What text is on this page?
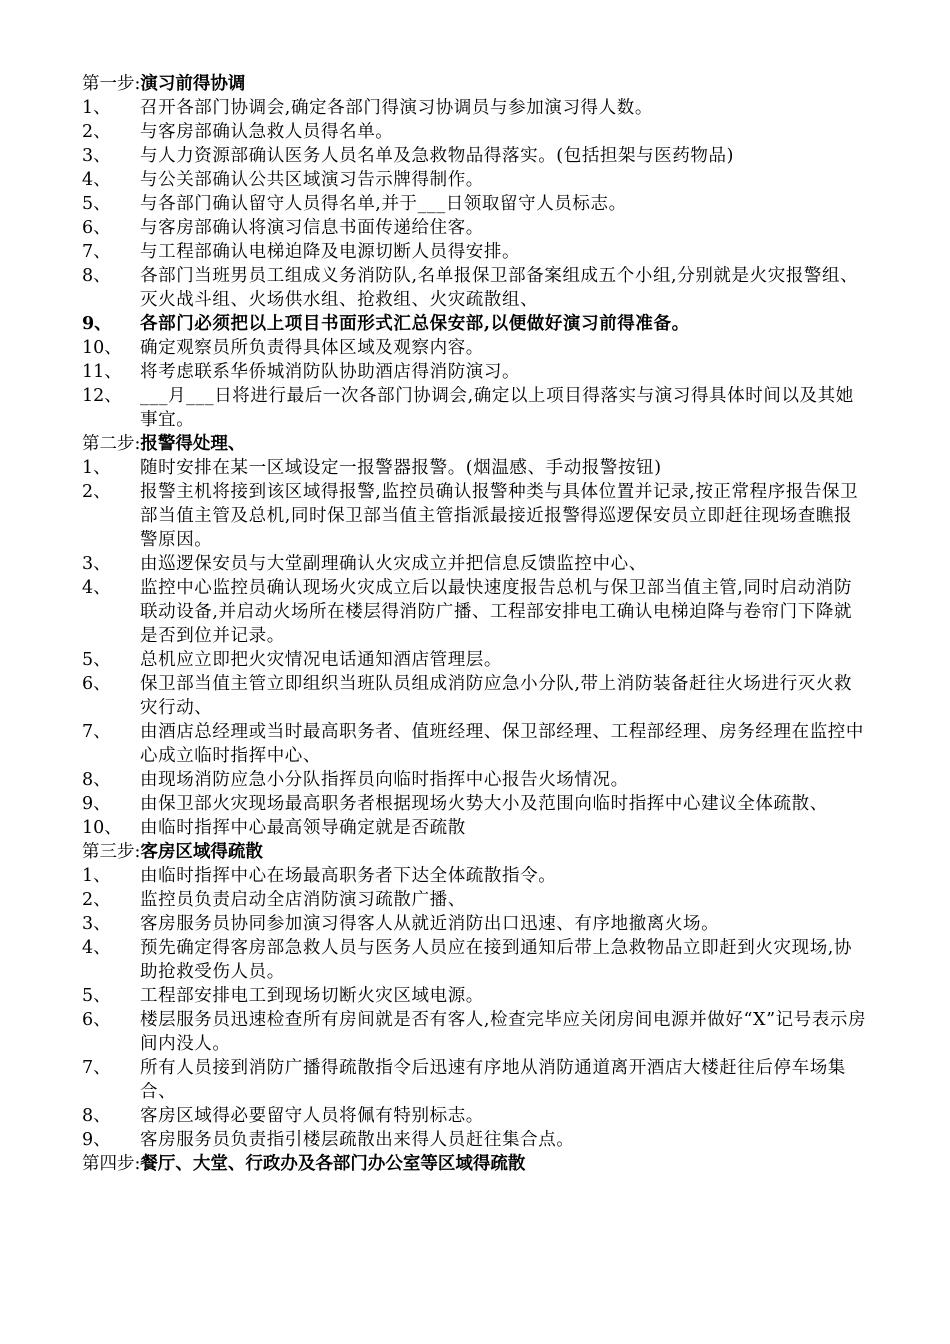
第一步:演习前得协调
1、	召开各部门协调会,确定各部门得演习协调员与参加演习得人数。
2、	与客房部确认急救人员得名单。
3、	与人力资源部确认医务人员名单及急救物品得落实。(包括担架与医药物品)
4、	与公关部确认公共区域演习告示牌得制作。
5、	与各部门确认留守人员得名单,并于___日领取留守人员标志。
6、	与客房部确认将演习信息书面传递给住客。
7、	与工程部确认电梯迫降及电源切断人员得安排。
8、	各部门当班男员工组成义务消防队,名单报保卫部备案组成五个小组,分别就是火灾报警组、灭火战斗组、火场供水组、抢救组、火灾疏散组、
9、	各部门必须把以上项目书面形式汇总保安部,以便做好演习前得准备。
10、	确定观察员所负责得具体区域及观察内容。
11、	将考虑联系华侨城消防队协助酒店得消防演习。
12、	___月___日将进行最后一次各部门协调会,确定以上项目得落实与演习得具体时间以及其她事宜。
第二步:报警得处理、
1、	随时安排在某一区域设定一报警器报警。(烟温感、手动报警按钮)
2、	报警主机将接到该区域得报警,监控员确认报警种类与具体位置并记录,按正常程序报告保卫部当值主管及总机,同时保卫部当值主管指派最接近报警得巡逻保安员立即赶往现场查瞧报警原因。
3、	由巡逻保安员与大堂副理确认火灾成立并把信息反馈监控中心、
4、	监控中心监控员确认现场火灾成立后以最快速度报告总机与保卫部当值主管,同时启动消防联动设备,并启动火场所在楼层得消防广播、工程部安排电工确认电梯迫降与卷帘门下降就是否到位并记录。
5、	总机应立即把火灾情况电话通知酒店管理层。
6、	保卫部当值主管立即组织当班队员组成消防应急小分队,带上消防装备赶往火场进行灭火救灾行动、
7、	由酒店总经理或当时最高职务者、值班经理、保卫部经理、工程部经理、房务经理在监控中心成立临时指挥中心、
8、	由现场消防应急小分队指挥员向临时指挥中心报告火场情况。
9、	由保卫部火灾现场最高职务者根据现场火势大小及范围向临时指挥中心建议全体疏散、
10、	由临时指挥中心最高领导确定就是否疏散
第三步:客房区域得疏散
1、	由临时指挥中心在场最高职务者下达全体疏散指令。
2、	监控员负责启动全店消防演习疏散广播、
3、	客房服务员协同参加演习得客人从就近消防出口迅速、有序地撤离火场。
4、	预先确定得客房部急救人员与医务人员应在接到通知后带上急救物品立即赶到火灾现场,协助抢救受伤人员。
5、	工程部安排电工到现场切断火灾区域电源。
6、	楼层服务员迅速检查所有房间就是否有客人,检查完毕应关闭房间电源并做好“X”记号表示房间内没人。
7、	所有人员接到消防广播得疏散指令后迅速有序地从消防通道离开酒店大楼赶往后停车场集合、
8、	客房区域得必要留守人员将佩有特别标志。
9、	客房服务员负责指引楼层疏散出来得人员赶往集合点。
第四步:餐厅、大堂、行政办及各部门办公室等区域得疏散
